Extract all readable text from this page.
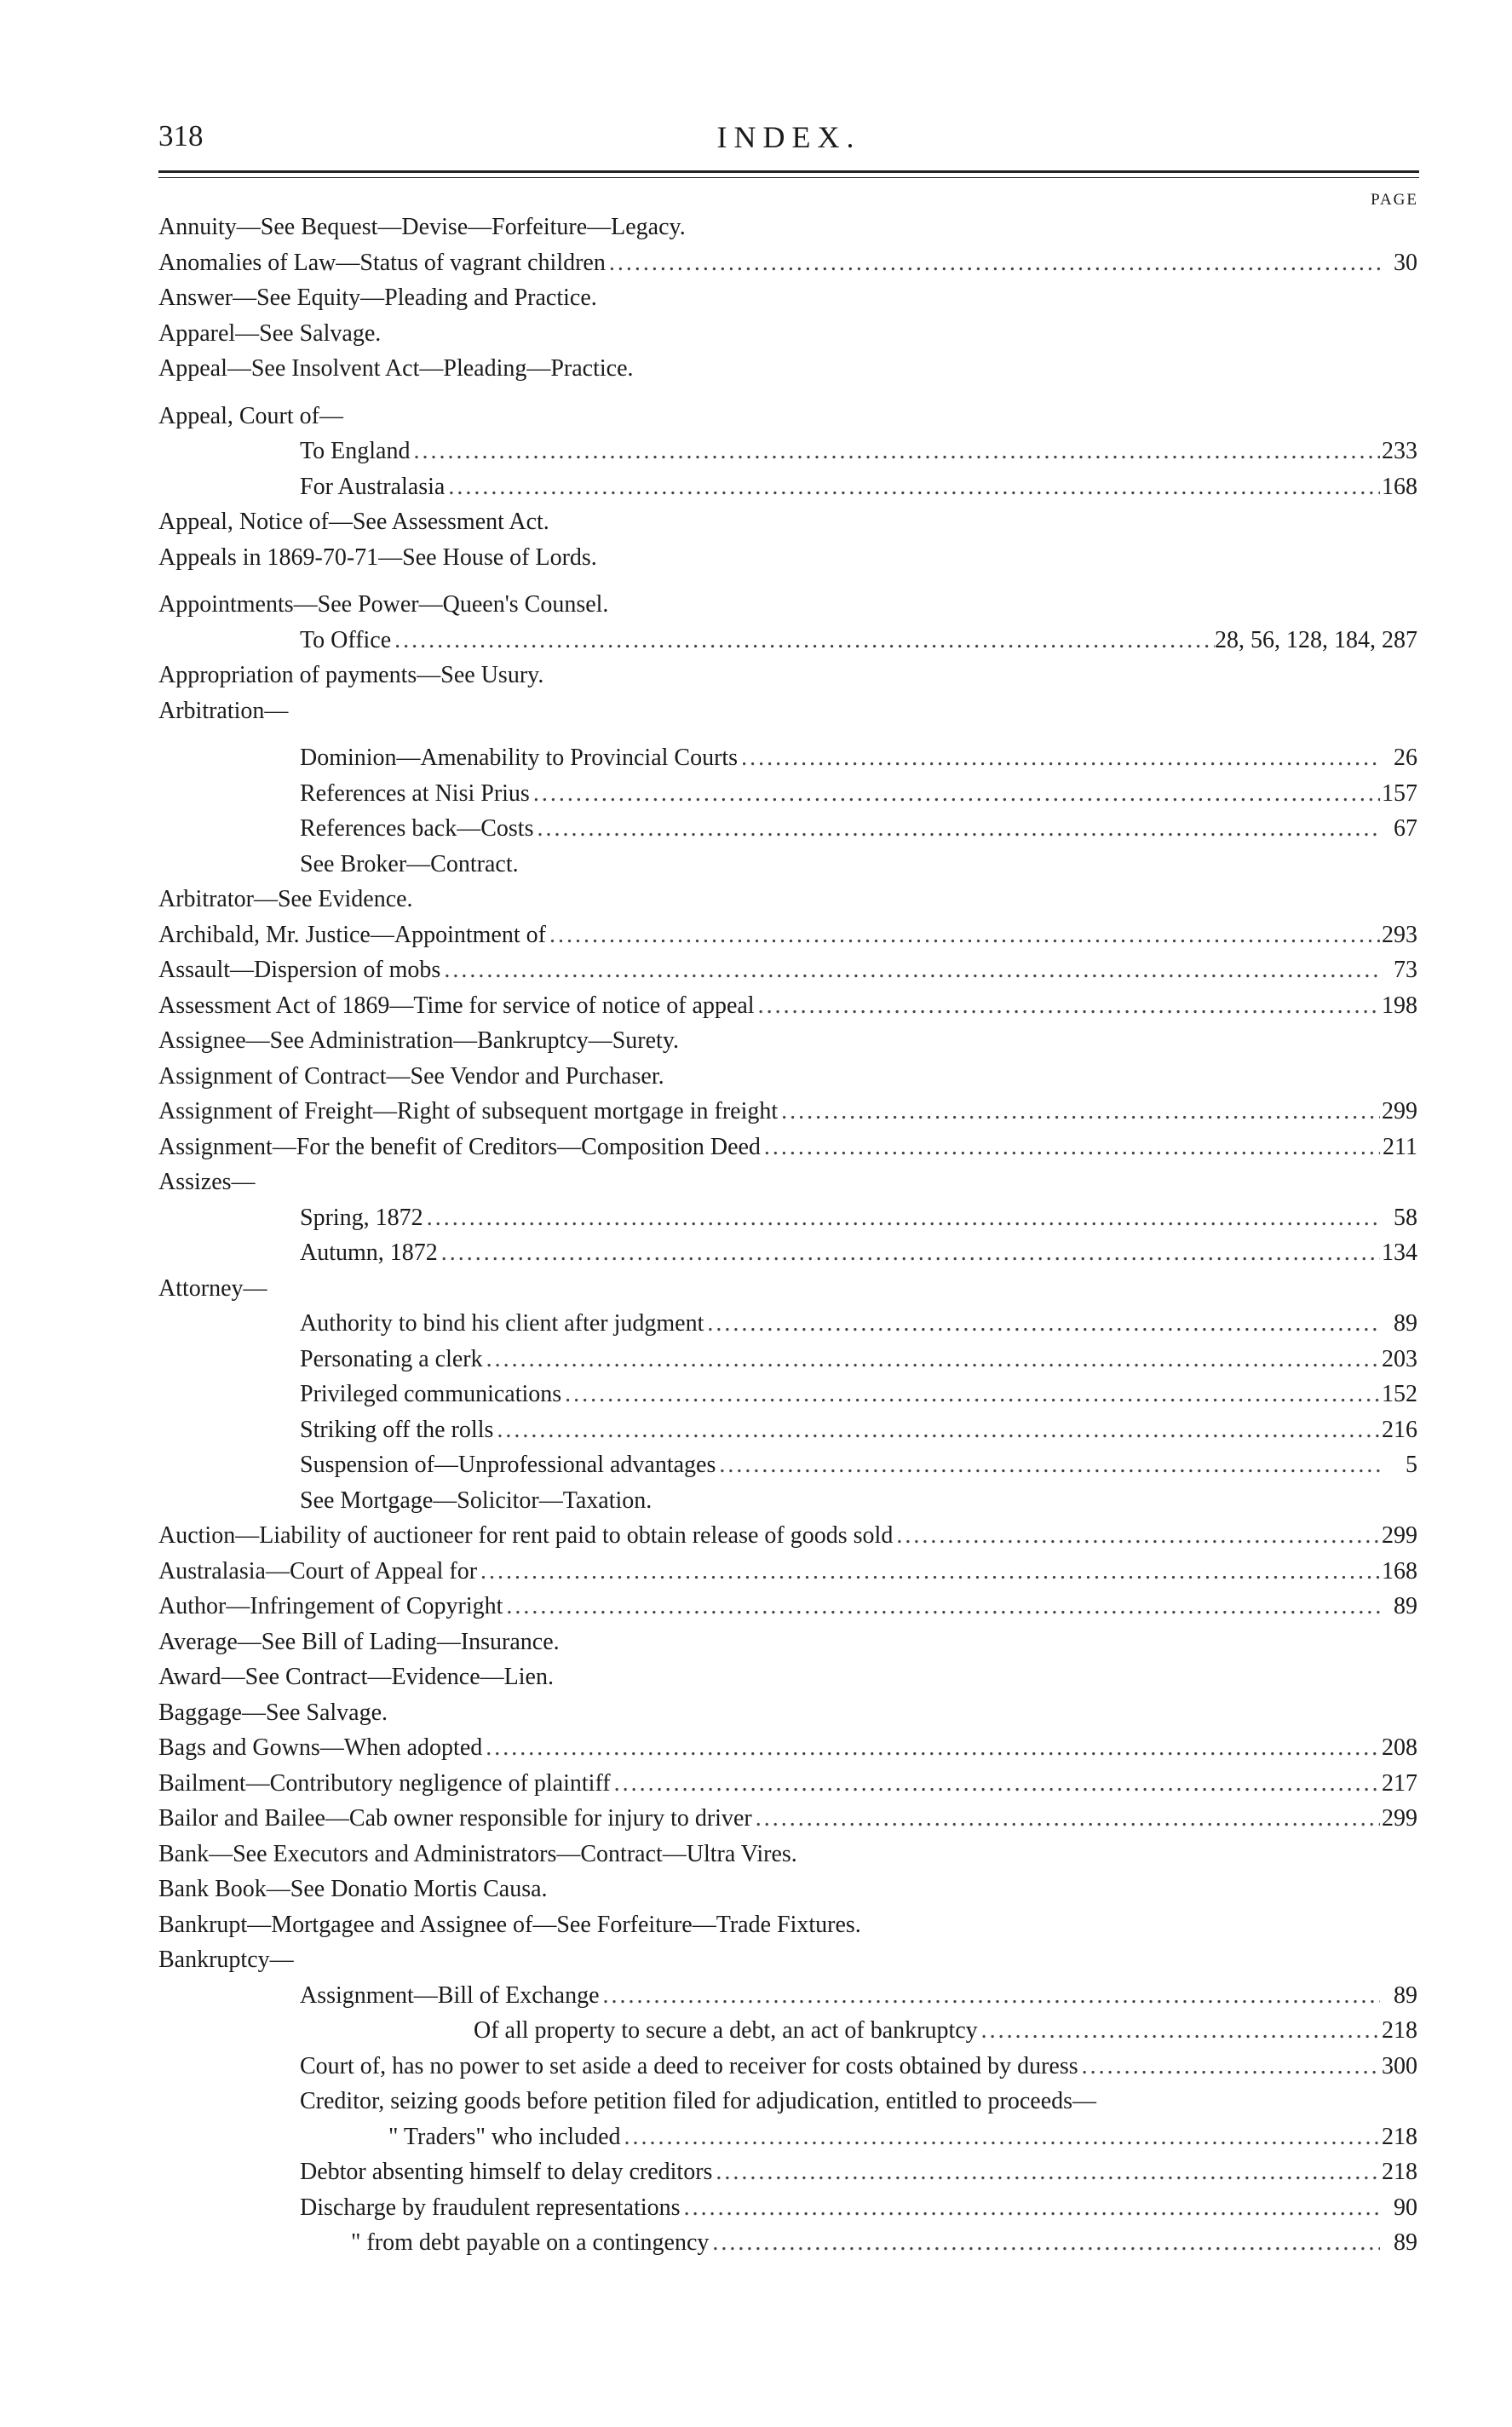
318	INDEX.
PAGE
Annuity—See Bequest—Devise—Forfeiture—Legacy.
Anomalies of Law—Status of vagrant children .....	30
Answer—See Equity—Pleading and Practice.
Apparel—See Salvage.
Appeal—See Insolvent Act—Pleading—Practice.
Appeal, Court of—
To England .....	233
For Australasia .....	168
Appeal, Notice of—See Assessment Act.
Appeals in 1869-70-71—See House of Lords.
Appointments—See Power—Queen's Counsel.
To Office .....	28, 56, 128, 184, 287
Appropriation of payments—See Usury.
Arbitration—
Dominion—Amenability to Provincial Courts .....	26
References at Nisi Prius .....	157
References back—Costs .....	67
See Broker—Contract.
Arbitrator—See Evidence.
Archibald, Mr. Justice—Appointment of .....	293
Assault—Dispersion of mobs .....	73
Assessment Act of 1869—Time for service of notice of appeal .....	198
Assignee—See Administration—Bankruptcy—Surety.
Assignment of Contract—See Vendor and Purchaser.
Assignment of Freight—Right of subsequent mortgage in freight .....	299
Assignment—For the benefit of Creditors—Composition Deed .....	211
Assizes—
Spring, 1872 .....	58
Autumn, 1872 .....	134
Attorney—
Authority to bind his client after judgment .....	89
Personating a clerk .....	203
Privileged communications .....	152
Striking off the rolls .....	216
Suspension of—Unprofessional advantages .....	5
See Mortgage—Solicitor—Taxation.
Auction—Liability of auctioneer for rent paid to obtain release of goods sold .....	299
Australasia—Court of Appeal for .....	168
Author—Infringement of Copyright .....	89
Average—See Bill of Lading—Insurance.
Award—See Contract—Evidence—Lien.
Baggage—See Salvage.
Bags and Gowns—When adopted .....	208
Bailment—Contributory negligence of plaintiff .....	217
Bailor and Bailee—Cab owner responsible for injury to driver .....	299
Bank—See Executors and Administrators—Contract—Ultra Vires.
Bank Book—See Donatio Mortis Causa.
Bankrupt—Mortgagee and Assignee of—See Forfeiture—Trade Fixtures.
Bankruptcy—
Assignment—Bill of Exchange .....	89
Of all property to secure a debt, an act of bankruptcy .....	218
Court of, has no power to set aside a deed to receiver for costs obtained by duress .....	300
Creditor, seizing goods before petition filed for adjudication, entitled to proceeds—
" Traders" who included .....	218
Debtor absenting himself to delay creditors .....	218
Discharge by fraudulent representations .....	90
" from debt payable on a contingency .....	89
